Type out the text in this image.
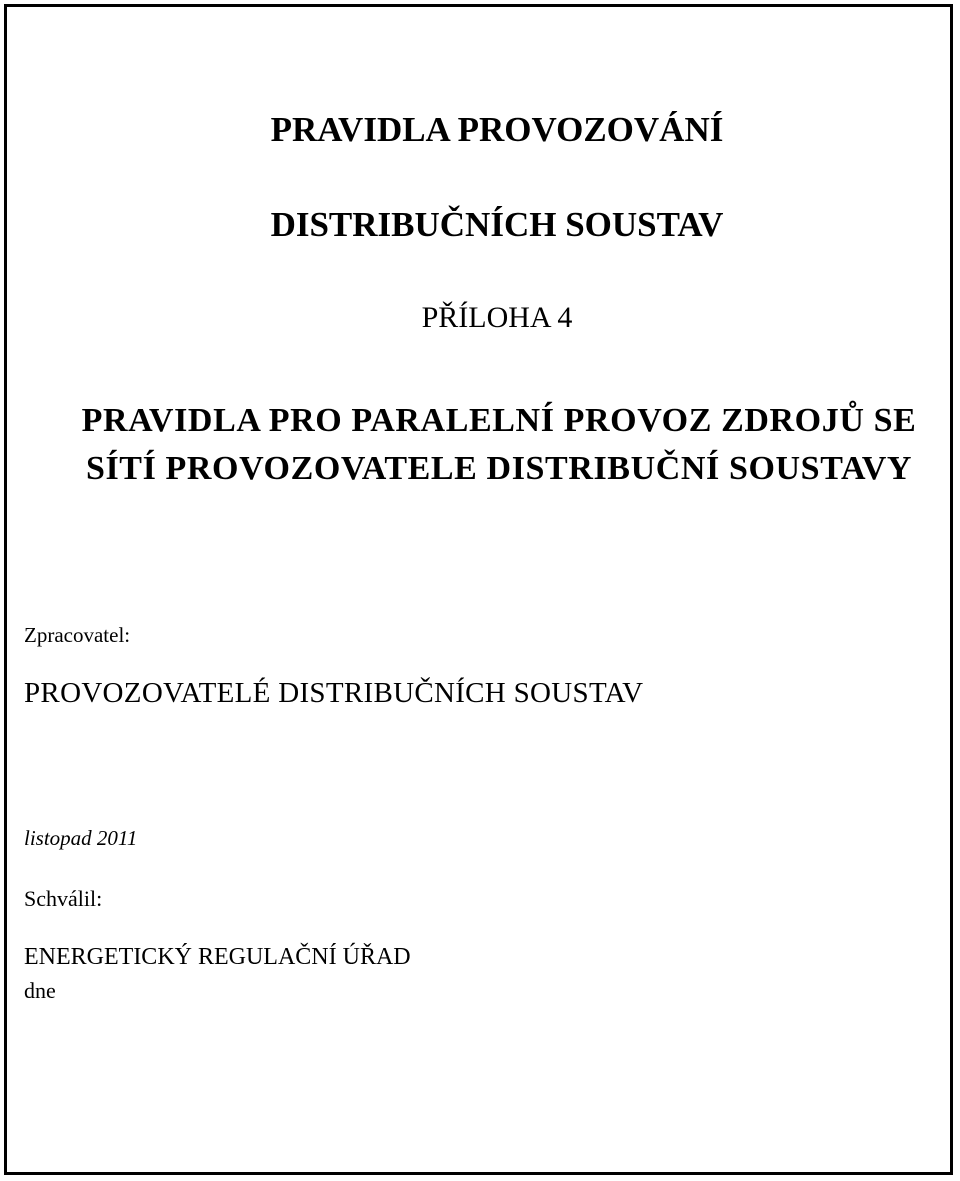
PRAVIDLA PROVOZOVÁNÍ
DISTRIBUČNÍCH SOUSTAV
PŘÍLOHA 4
PRAVIDLA PRO PARALELNÍ PROVOZ ZDROJŮ SE
SÍTÍ PROVOZOVATELE DISTRIBUČNÍ SOUSTAVY
Zpracovatel:
PROVOZOVATELÉ DISTRIBUČNÍCH SOUSTAV
listopad 2011
Schválil:
ENERGETICKÝ REGULAČNÍ ÚŘAD
dne
